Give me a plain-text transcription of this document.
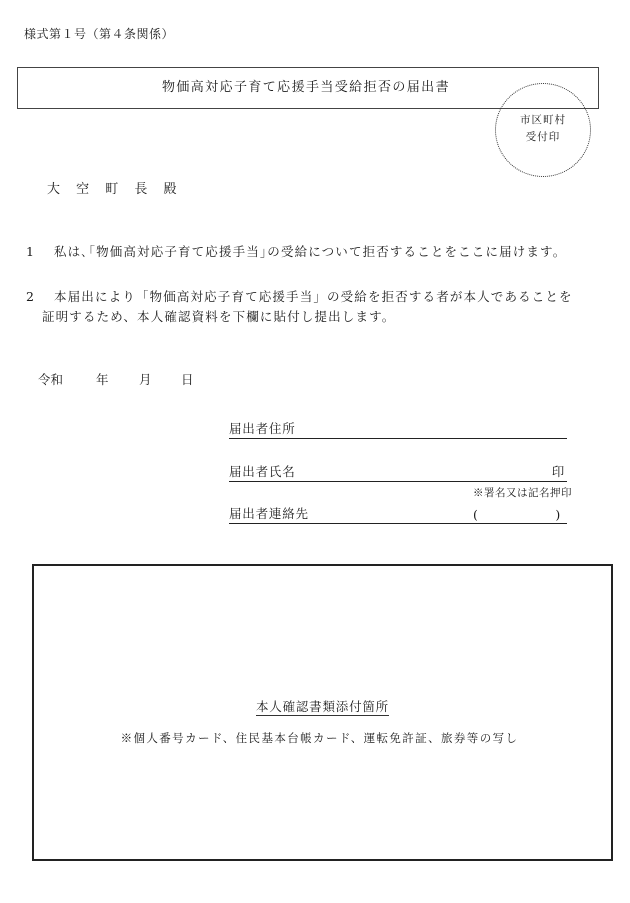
様式第１号（第４条関係）
物価高対応子育て応援手当受給拒否の届出書
市区町村
受付印
大 空 町 長 殿
1 私は､｢物価高対応子育て応援手当｣の受給について拒否することをここに届けます。
2 本届出により「物価高対応子育て応援手当」の受給を拒否する者が本人であることを
証明するため、本人確認資料を下欄に貼付し提出します。
令和	年 月 日
届出者住所
届出者氏名	印
※署名又は記名押印
届出者連絡先	(	)
本人確認書類添付箇所
※個人番号カード、住民基本台帳カード、運転免許証、旅券等の写し
